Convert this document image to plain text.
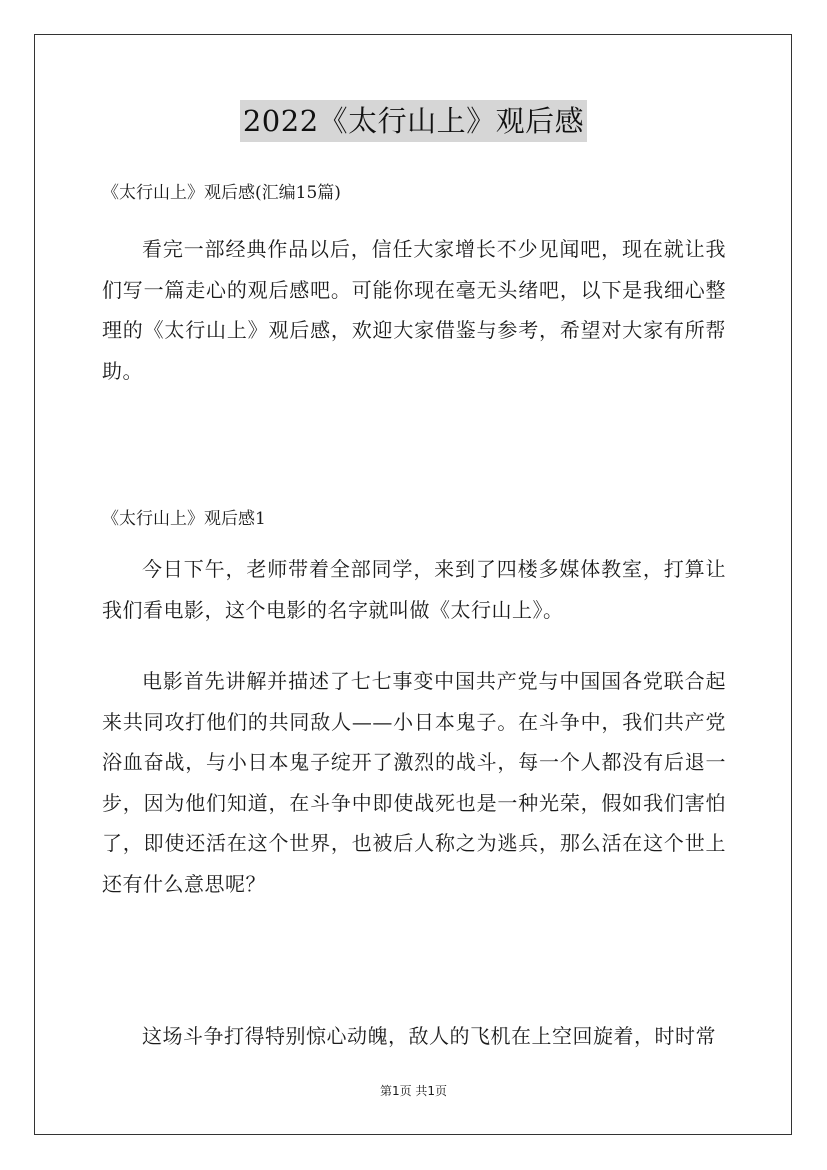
2022《太行山上》观后感
《太行山上》观后感(汇编15篇)

看完一部经典作品以后，信任大家增长不少见闻吧，现在就让我们写一篇走心的观后感吧。可能你现在毫无头绪吧，以下是我细心整理的《太行山上》观后感，欢迎大家借鉴与参考，希望对大家有所帮助。

《太行山上》观后感1

今日下午，老师带着全部同学，来到了四楼多媒体教室，打算让我们看电影，这个电影的名字就叫做《太行山上》。

电影首先讲解并描述了七七事变中国共产党与中国国各党联合起来共同攻打他们的共同敌人——小日本鬼子。在斗争中，我们共产党浴血奋战，与小日本鬼子绽开了激烈的战斗，每一个人都没有后退一步，因为他们知道，在斗争中即使战死也是一种光荣，假如我们害怕了，即使还活在这个世界，也被后人称之为逃兵，那么活在这个世上还有什么意思呢？

这场斗争打得特别惊心动魄，敌人的飞机在上空回旋着，时时常

第1页 共1页
